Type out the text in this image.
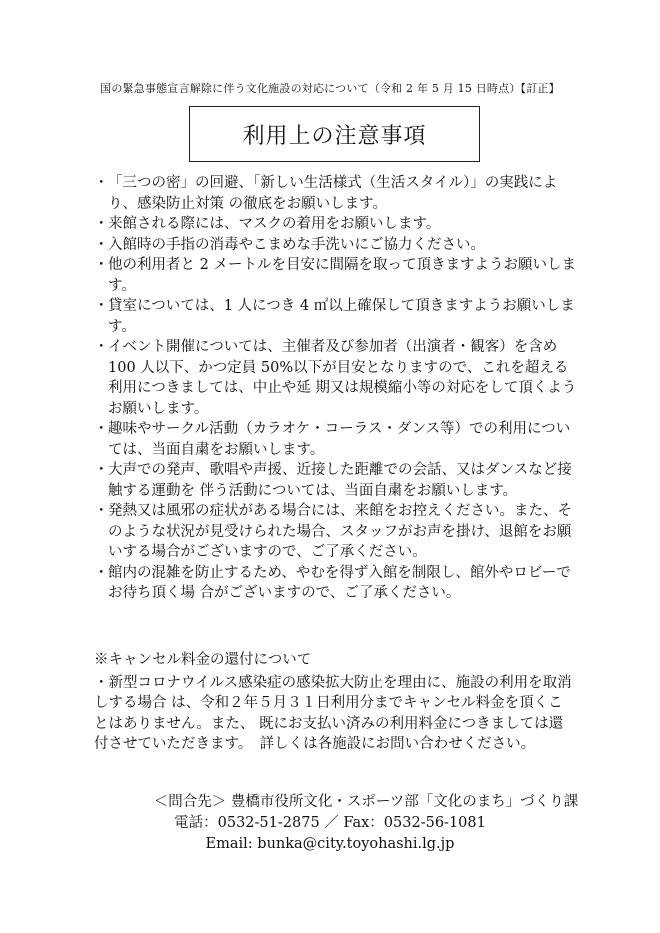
国の緊急事態宣言解除に伴う文化施設の対応について（令和 2 年 5 月 15 日時点）【訂正】
利用上の注意事項
・ 「三つの密」の回避、「新しい生活様式（生活スタイル）」の実践により、感染防止対策 の徹底をお願いします。
・ 来館される際には、マスクの着用をお願いします。
・ 入館時の手指の消毒やこまめな手洗いにご協力ください。
・ 他の利用者と 2 メートルを目安に間隔を取って頂きますようお願いします。
・ 貸室については、1 人につき 4 ㎡以上確保して頂きますようお願いします。
・ イベント開催については、主催者及び参加者（出演者・観客）を含め 100 人以下、かつ定員 50%以下が目安となりますので、これを超える利用につきましては、中止や延 期又は規模縮小等の対応をして頂くようお願いします。
・ 趣味やサークル活動（カラオケ・コーラス・ダンス等）での利用については、当面自粛をお願いします。
・ 大声での発声、歌唱や声援、近接した距離での会話、又はダンスなど接触する運動を 伴う活動については、当面自粛をお願いします。
・ 発熱又は風邪の症状がある場合には、来館をお控えください。また、そのような状況が見受けられた場合、スタッフがお声を掛け、退館をお願いする場合がございますので、ご了承ください。
・ 館内の混雑を防止するため、やむを得ず入館を制限し、館外やロビーでお待ち頂く場 合がございますので、ご了承ください。

※キャンセル料金の還付について

・新型コロナウイルス感染症の感染拡大防止を理由に、施設の利用を取消しする場合 は、令和２年５月３１日利用分までキャンセル料金を頂くことはありません。また、 既にお支払い済みの利用料金につきましては還付させていただきます。　詳しくは各施設にお問い合わせください。

＜問合先＞ 豊橋市役所文化・スポーツ部「文化のまち」づくり課
電話：0532-51-2875 ／ Fax：0532-56-1081
Email: bunka@city.toyohashi.lg.jp
